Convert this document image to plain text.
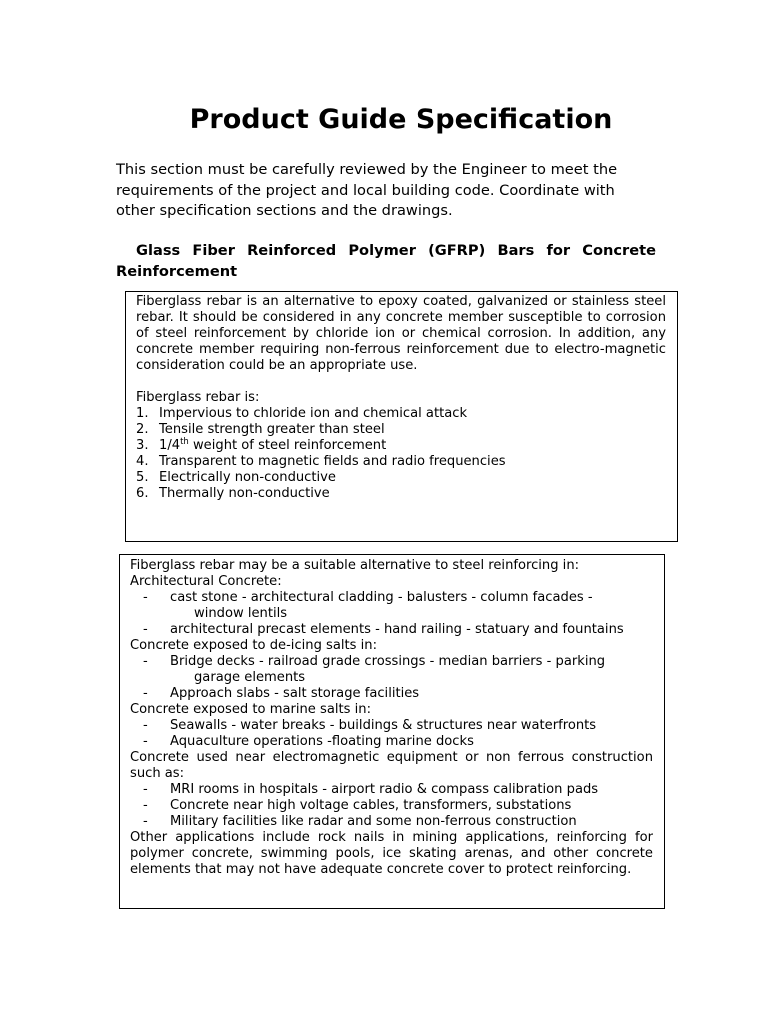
Product Guide Specification

This section must be carefully reviewed by the Engineer to meet the requirements of the project and local building code. Coordinate with other specification sections and the drawings.

Glass Fiber Reinforced Polymer (GFRP) Bars for Concrete Reinforcement

Fiberglass rebar is an alternative to epoxy coated, galvanized or stainless steel rebar. It should be considered in any concrete member susceptible to corrosion of steel reinforcement by chloride ion or chemical corrosion. In addition, any concrete member requiring non-ferrous reinforcement due to electro-magnetic consideration could be an appropriate use.

Fiberglass rebar is:

1. Impervious to chloride ion and chemical attack
2. Tensile strength greater than steel
3. 1/4th weight of steel reinforcement
4. Transparent to magnetic fields and radio frequencies
5. Electrically non-conductive
6. Thermally non-conductive

Fiberglass rebar may be a suitable alternative to steel reinforcing in:

Architectural Concrete:

- cast stone - architectural cladding - balusters - column facades -

window lentils

- architectural precast elements - hand railing - statuary and fountains

Concrete exposed to de-icing salts in:

- Bridge decks - railroad grade crossings - median barriers - parking

garage elements

- Approach slabs - salt storage facilities

Concrete exposed to marine salts in:

- Seawalls - water breaks - buildings & structures near waterfronts

- Aquaculture operations -floating marine docks

Concrete used near electromagnetic equipment or non ferrous construction such as:

- MRI rooms in hospitals - airport radio & compass calibration pads

- Concrete near high voltage cables, transformers, substations

- Military facilities like radar and some non-ferrous construction

Other applications include rock nails in mining applications, reinforcing for polymer concrete, swimming pools, ice skating arenas, and other concrete elements that may not have adequate concrete cover to protect reinforcing.
